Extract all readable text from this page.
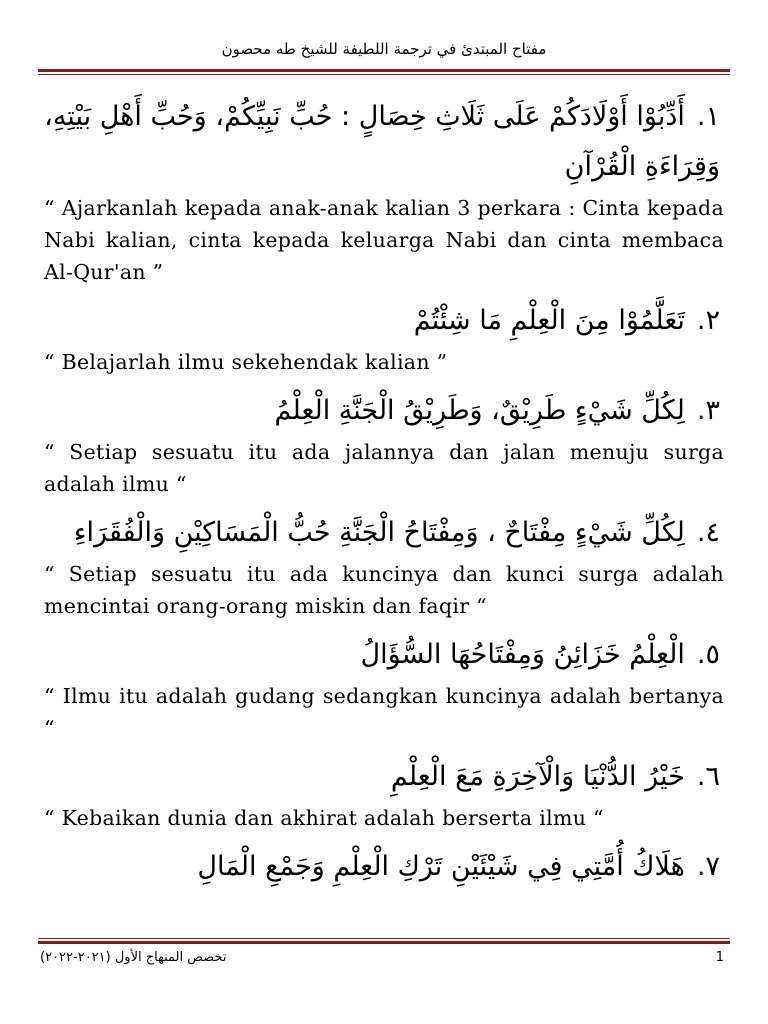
مفتاح المبتدئ في ترجمة اللطيفة للشيخ طه محصون
١.أَدِّبُوْا أَوْلَادَكُمْ عَلَى ثَلَاثِ خِصَالٍ : حُبِّ نَبِيِّكُمْ، وَحُبِّ أَهْلِ بَيْتِهِ، وَقِرَاءَةِ الْقُرْآنِ
“ Ajarkanlah kepada anak-anak kalian 3 perkara : Cinta kepada Nabi kalian, cinta kepada keluarga Nabi dan cinta membaca Al-Qur'an ”
٢.تَعَلَّمُوْا مِنَ الْعِلْمِ مَا شِئْتُمْ
“ Belajarlah ilmu sekehendak kalian ”
٣.لِكُلِّ شَيْءٍ طَرِيْقٌ، وَطَرِيْقُ الْجَنَّةِ الْعِلْمُ
“ Setiap sesuatu itu ada jalannya dan jalan menuju surga adalah ilmu “
٤.لِكُلِّ شَيْءٍ مِفْتَاحٌ ، وَمِفْتَاحُ الْجَنَّةِ حُبُّ الْمَسَاكِيْنِ وَالْفُقَرَاءِ
“ Setiap sesuatu itu ada kuncinya dan kunci surga adalah mencintai orang-orang miskin dan faqir “
٥.الْعِلْمُ خَزَائِنُ وَمِفْتَاحُهَا السُّؤَالُ
“ Ilmu itu adalah gudang sedangkan kuncinya adalah bertanya “
٦.خَيْرُ الدُّنْيَا وَالْآخِرَةِ مَعَ الْعِلْمِ
“ Kebaikan dunia dan akhirat adalah berserta ilmu “
٧.هَلَاكُ أُمَّتِي فِي شَيْئَيْنِ تَرْكِ الْعِلْمِ وَجَمْعِ الْمَالِ
تخصص المنهاج الأول (٢٠٢١-٢٠٢٢)	1
